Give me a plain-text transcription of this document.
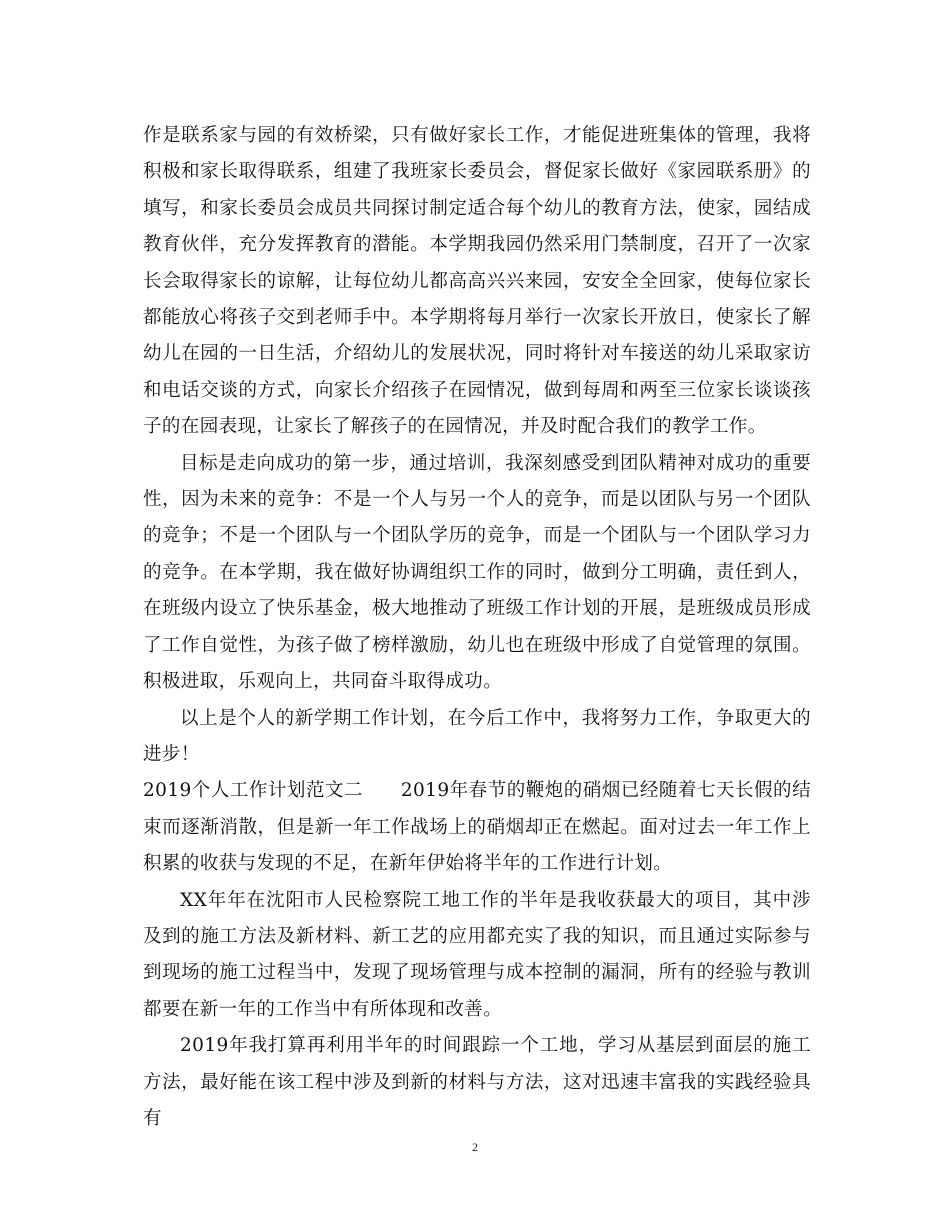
作是联系家与园的有效桥梁，只有做好家长工作，才能促进班集体的管理，我将积极和家长取得联系，组建了我班家长委员会，督促家长做好《家园联系册》的填写，和家长委员会成员共同探讨制定适合每个幼儿的教育方法，使家，园结成教育伙伴，充分发挥教育的潜能。本学期我园仍然采用门禁制度，召开了一次家长会取得家长的谅解，让每位幼儿都高高兴兴来园，安安全全回家，使每位家长都能放心将孩子交到老师手中。本学期将每月举行一次家长开放日，使家长了解幼儿在园的一日生活，介绍幼儿的发展状况，同时将针对车接送的幼儿采取家访和电话交谈的方式，向家长介绍孩子在园情况，做到每周和两至三位家长谈谈孩子的在园表现，让家长了解孩子的在园情况，并及时配合我们的教学工作。

目标是走向成功的第一步，通过培训，我深刻感受到团队精神对成功的重要性，因为未来的竞争：不是一个人与另一个人的竞争，而是以团队与另一个团队的竞争；不是一个团队与一个团队学历的竞争，而是一个团队与一个团队学习力的竞争。在本学期，我在做好协调组织工作的同时，做到分工明确，责任到人，在班级内设立了快乐基金，极大地推动了班级工作计划的开展，是班级成员形成了工作自觉性，为孩子做了榜样激励，幼儿也在班级中形成了自觉管理的氛围。积极进取，乐观向上，共同奋斗取得成功。

以上是个人的新学期工作计划，在今后工作中，我将努力工作，争取更大的进步！

2019个人工作计划范文二   2019年春节的鞭炮的硝烟已经随着七天长假的结束而逐渐消散，但是新一年工作战场上的硝烟却正在燃起。面对过去一年工作上积累的收获与发现的不足，在新年伊始将半年的工作进行计划。

XX年年在沈阳市人民检察院工地工作的半年是我收获最大的项目，其中涉及到的施工方法及新材料、新工艺的应用都充实了我的知识，而且通过实际参与到现场的施工过程当中，发现了现场管理与成本控制的漏洞，所有的经验与教训都要在新一年的工作当中有所体现和改善。

2019年我打算再利用半年的时间跟踪一个工地，学习从基层到面层的施工方法，最好能在该工程中涉及到新的材料与方法，这对迅速丰富我的实践经验具有

2
